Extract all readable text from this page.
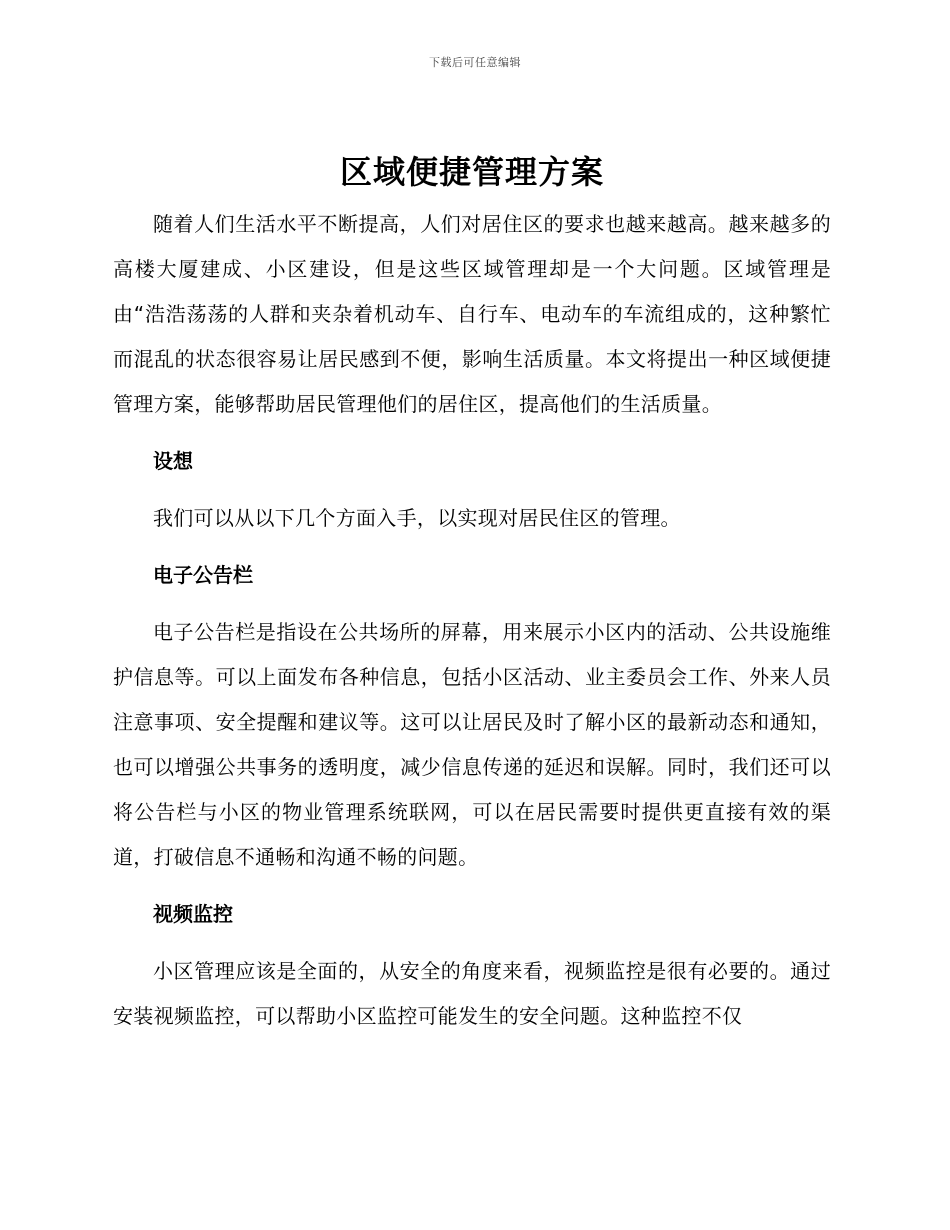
下载后可任意编辑
区域便捷管理方案

随着人们生活水平不断提高，人们对居住区的要求也越来越高。越来越多的高楼大厦建成、小区建设，但是这些区域管理却是一个大问题。区域管理是由“浩浩荡荡的人群和夹杂着机动车、自行车、电动车的车流组成的，这种繁忙而混乱的状态很容易让居民感到不便，影响生活质量。本文将提出一种区域便捷管理方案，能够帮助居民管理他们的居住区，提高他们的生活质量。

设想

我们可以从以下几个方面入手，以实现对居民住区的管理。

电子公告栏

电子公告栏是指设在公共场所的屏幕，用来展示小区内的活动、公共设施维护信息等。可以上面发布各种信息，包括小区活动、业主委员会工作、外来人员注意事项、安全提醒和建议等。这可以让居民及时了解小区的最新动态和通知，也可以增强公共事务的透明度，减少信息传递的延迟和误解。同时，我们还可以将公告栏与小区的物业管理系统联网，可以在居民需要时提供更直接有效的渠道，打破信息不通畅和沟通不畅的问题。

视频监控

小区管理应该是全面的，从安全的角度来看，视频监控是很有必要的。通过安装视频监控，可以帮助小区监控可能发生的安全问题。这种监控不仅
